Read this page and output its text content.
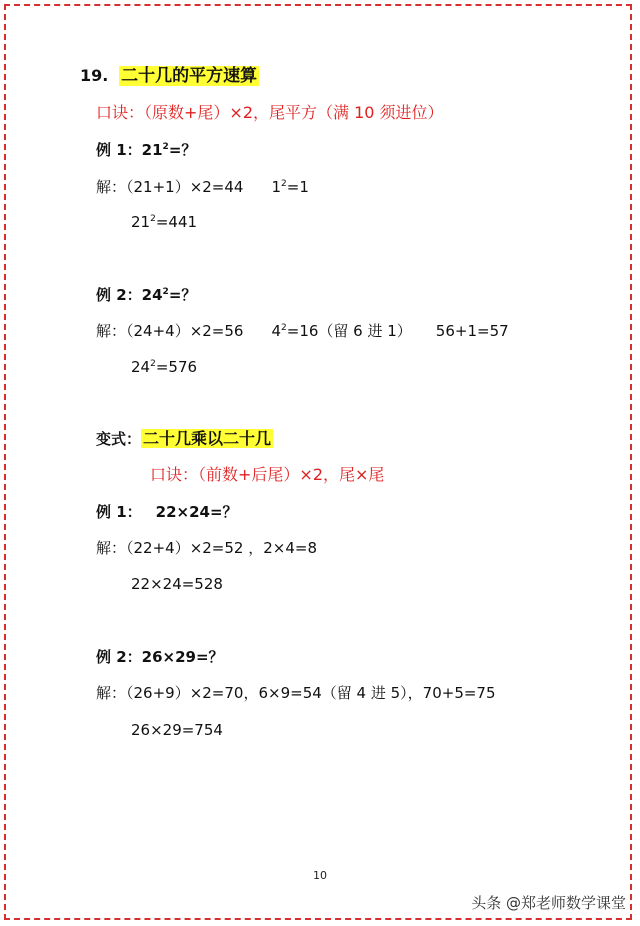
19. 二十几的平方速算
口诀：（原数+尾）×2，尾平方（满 10 须进位）
例 1：$21^2=$？
解：（21+1）×2=44 $1^2=1$
$21^2=441$
例 2：$24^2=$？
解：（24+4）×2=56 $4^2=16$（留 6 进 1） 56+1=57
$24^2=576$
变式： 二十几乘以二十几
口诀：（前数+后尾）×2，尾×尾
例 1： 22×24=？
解：（22+4）×2=52 ，2×4=8
22×24=528
例 2：26×29=？
解：（26+9）×2=70，6×9=54（留 4 进 5），70+5=75
26×29=754
10
头条 @郑老师数学课堂
